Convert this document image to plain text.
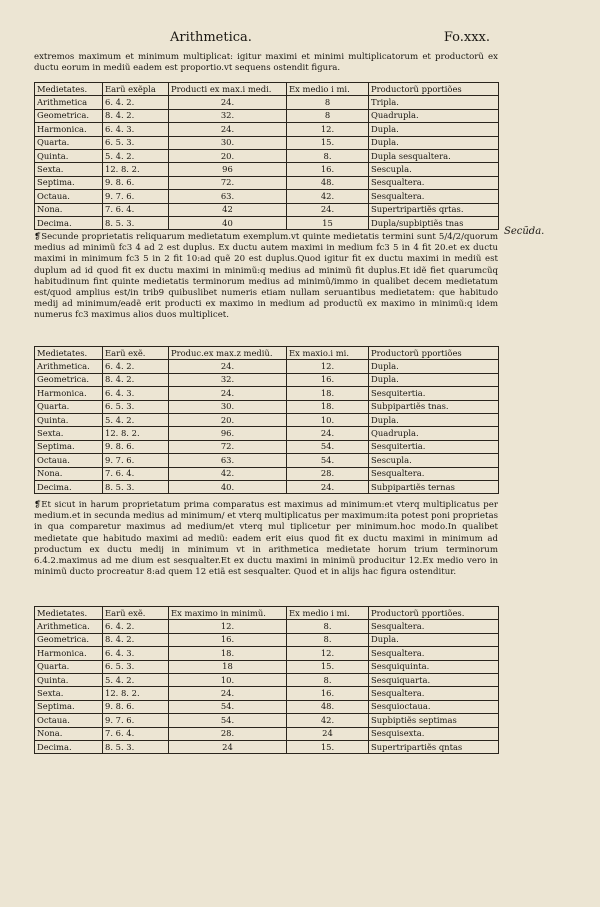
Arithmetica.	Fo.xxx.

extremos maximum et minimum multiplicat: igitur maximi et minimi multiplicatorum et productorũ ex ductu eorum in mediũ eadem est proportio.vt sequens ostendit figura.

Medietates.	Earũ exẽpla	Producti ex max.i medi.	Ex medio i mi.	Productorũ pportiões
Arithmetica	6. 4. 2.	24.	8	Tripla.
Geometrica.	8. 4. 2.	32.	8	Quadrupla.
Harmonica.	6. 4. 3.	24.	12.	Dupla.
Quarta.	6. 5. 3.	30.	15.	Dupla.
Quinta.	5. 4. 2.	20.	8.	Dupla sesqualtera.
Sexta.	12. 8. 2.	96	16.	Sescupla.
Septima.	9. 8. 6.	72.	48.	Sesqualtera.
Octaua.	9. 7. 6.	63.	42.	Sesqualtera.
Nona.	7. 6. 4.	42	24.	Supertripartiẽs qrtas.
Decima.	8. 5. 3.	40	15	Dupla/supbiptiẽs tnas
Secũda.

❡Secunde proprietatis reliquarum medietatum exemplum.vt quinte medietatis termini sunt 5/4/2/quorum medius ad minimũ fc3 4 ad 2 est duplus. Ex ductu autem maximi in medium fc3 5 in 4 fit 20.et ex ductu maximi in minimum fc3 5 in 2 fit 10:ad quẽ 20 est duplus.Quod igitur fit ex ductu maximi in mediũ est duplum ad id quod fit ex ductu maximi in minimũ:q medius ad minimũ fit duplus.Et idẽ fiet quarumcũq habitudinum fint quinte medietatis terminorum medius ad minimũ/immo in qualibet decem medietatum est/quod amplius est/in trib9 quibuslibet numeris etiam nullam seruantibus medietatem: que habitudo medij ad minimum/eadẽ erit producti ex maximo in medium ad productũ ex maximo in minimũ:q idem numerus fc3 maximus alios duos multiplicet.

Medietates.	Earũ exẽ.	Produc.ex max.z mediũ.	Ex maxio.i mi.	Productorũ pportiões
Arithmetica.	6. 4. 2.	24.	12.	Dupla.
Geometrica.	8. 4. 2.	32.	16.	Dupla.
Harmonica.	6. 4. 3.	24.	18.	Sesquitertia.
Quarta.	6. 5. 3.	30.	18.	Subpipartiẽs tnas.
Quinta.	5. 4. 2.	20.	10.	Dupla.
Sexta.	12. 8. 2.	96.	24.	Quadrupla.
Septima.	9. 8. 6.	72.	54.	Sesquitertia.
Octaua.	9. 7. 6.	63.	54.	Sescupla.
Nona.	7. 6. 4.	42.	28.	Sesqualtera.
Decima.	8. 5. 3.	40.	24.	Subpipartiẽs ternas

❡Et sicut in harum proprietatum prima comparatus est maximus ad minimum:et vterq multiplicatus per medium.et in secunda medius ad minimum/ et vterq multiplicatus per maximum:ita potest poni proprietas in qua comparetur maximus ad medium/et vterq mul tiplicetur per minimum.hoc modo.In qualibet medietate que habitudo maximi ad mediũ: eadem erit eius quod fit ex ductu maximi in minimum ad productum ex ductu medij in minimum vt in arithmetica medietate horum trium terminorum 6.4.2.maximus ad me dium est sesqualter.Et ex ductu maximi in minimũ producitur 12.Ex medio vero in minimũ ducto procreatur 8:ad quem 12 etiã est sesqualter. Quod et in alijs hac figura ostenditur.

Medietates.	Earũ exẽ.	Ex maximo in minimũ.	Ex medio i mi.	Productorũ pportiões.
Arithmetica.	6. 4. 2.	12.	8.	Sesqualtera.
Geometrica.	8. 4. 2.	16.	8.	Dupla.
Harmonica.	6. 4. 3.	18.	12.	Sesqualtera.
Quarta.	6. 5. 3.	18	15.	Sesquiquinta.
Quinta.	5. 4. 2.	10.	8.	Sesquiquarta.
Sexta.	12. 8. 2.	24.	16.	Sesqualtera.
Septima.	9. 8. 6.	54.	48.	Sesquioctaua.
Octaua.	9. 7. 6.	54.	42.	Supbiptiẽs septimas
Nona.	7. 6. 4.	28.	24	Sesquisexta.
Decima.	8. 5. 3.	24	15.	Supertripartiẽs qntas
